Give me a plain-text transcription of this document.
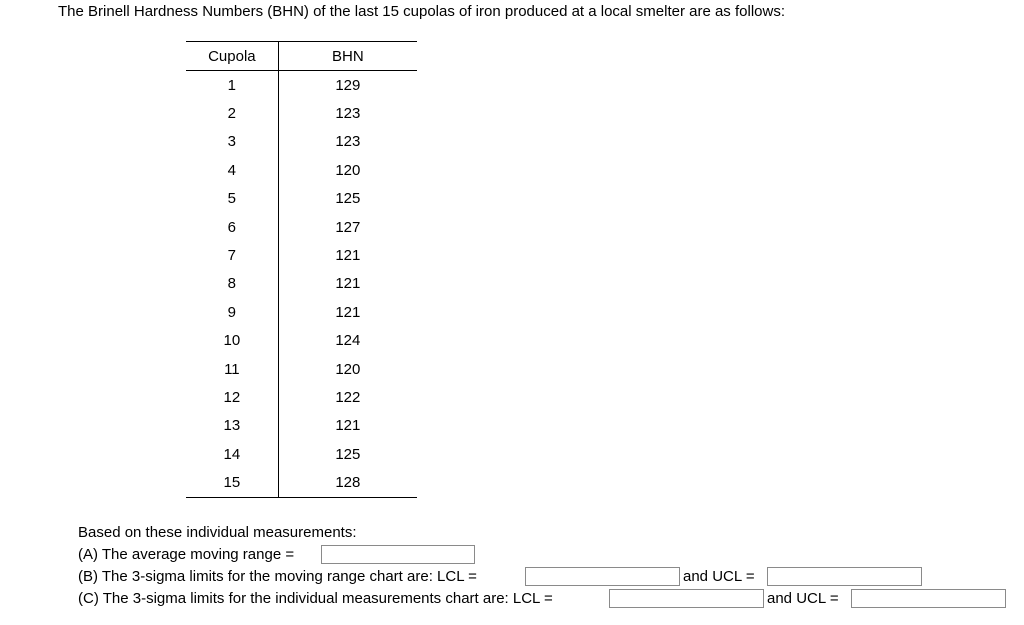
The Brinell Hardness Numbers (BHN) of the last 15 cupolas of iron produced at a local smelter are as follows:
Cupola	BHN
1	129
2	123
3	123
4	120
5	125
6	127
7	121
8	121
9	121
10	124
11	120
12	122
13	121
14	125
15	128
Based on these individual measurements:
(A) The average moving range =
(B) The 3-sigma limits for the moving range chart are: LCL =	and UCL =
(C) The 3-sigma limits for the individual measurements chart are: LCL =	and UCL =
